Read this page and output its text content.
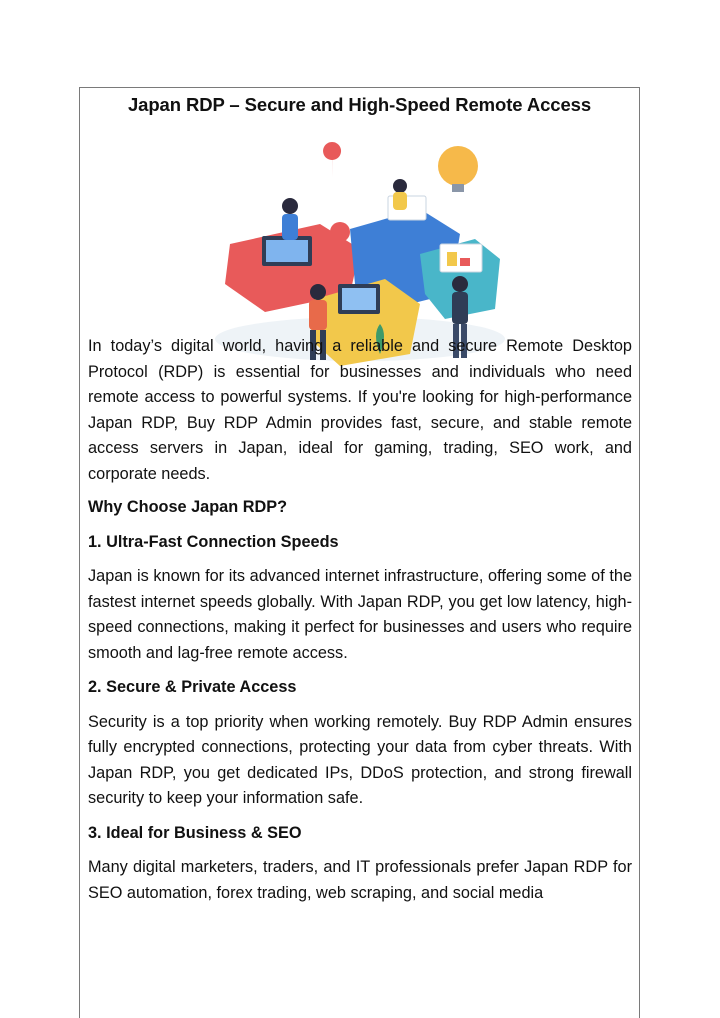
Japan RDP – Secure and High-Speed Remote Access

In today’s digital world, having a reliable and secure Remote Desktop Protocol (RDP) is essential for businesses and individuals who need remote access to powerful systems. If you're looking for high-performance Japan RDP, Buy RDP Admin provides fast, secure, and stable remote access servers in Japan, ideal for gaming, trading, SEO work, and corporate needs.

Why Choose Japan RDP?
1. Ultra-Fast Connection Speeds

Japan is known for its advanced internet infrastructure, offering some of the fastest internet speeds globally. With Japan RDP, you get low latency, high-speed connections, making it perfect for businesses and users who require smooth and lag-free remote access.

2. Secure & Private Access

Security is a top priority when working remotely. Buy RDP Admin ensures fully encrypted connections, protecting your data from cyber threats. With Japan RDP, you get dedicated IPs, DDoS protection, and strong firewall security to keep your information safe.

3. Ideal for Business & SEO

Many digital marketers, traders, and IT professionals prefer Japan RDP for SEO automation, forex trading, web scraping, and social media
